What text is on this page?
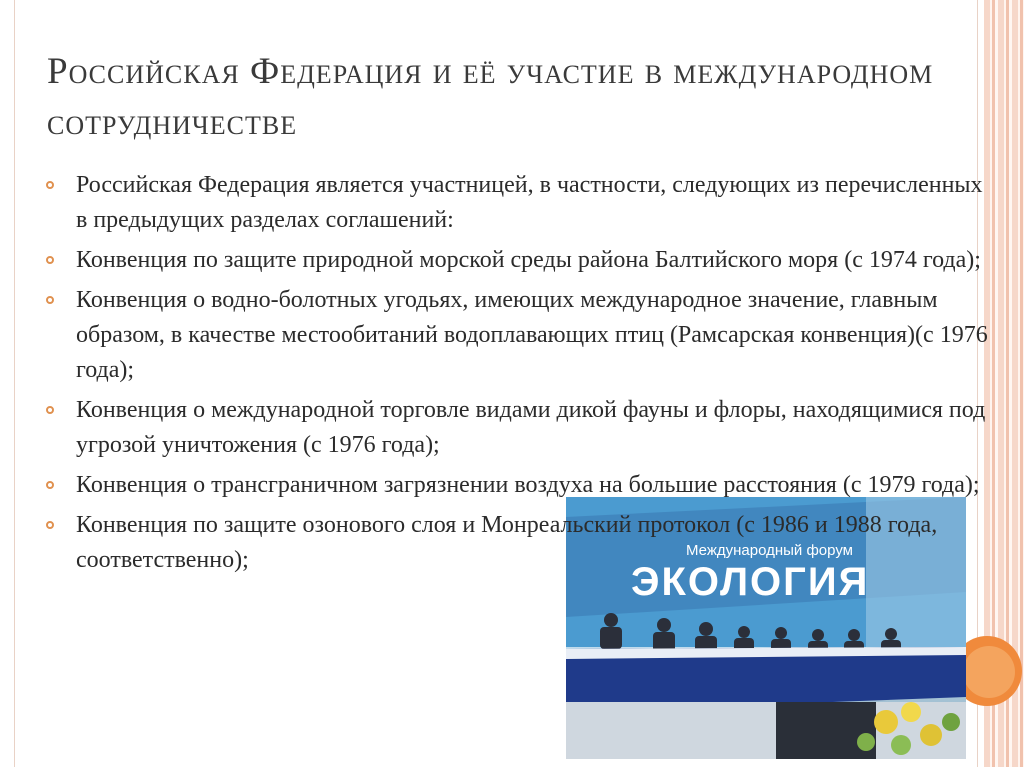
Российская Федерация и её участие в международном сотрудничестве
Международный форум
ЭКОЛОГИЯ
Российская Федерация является участницей, в частности, следующих из перечисленных в предыдущих разделах соглашений:
Конвенция по защите природной морской среды района Балтийского моря (с 1974 года);
Конвенция о водно-болотных угодьях, имеющих международное значение, главным образом, в качестве местообитаний водоплавающих птиц (Рамсарская конвенция)(с 1976 года);
Конвенция о международной торговле видами дикой фауны и флоры, находящимися под угрозой уничтожения (с 1976 года);
Конвенция о трансграничном загрязнении воздуха на большие расстояния (с 1979 года);
Конвенция по защите озонового слоя и Монреальский протокол (с 1986 и 1988 года, соответственно);
